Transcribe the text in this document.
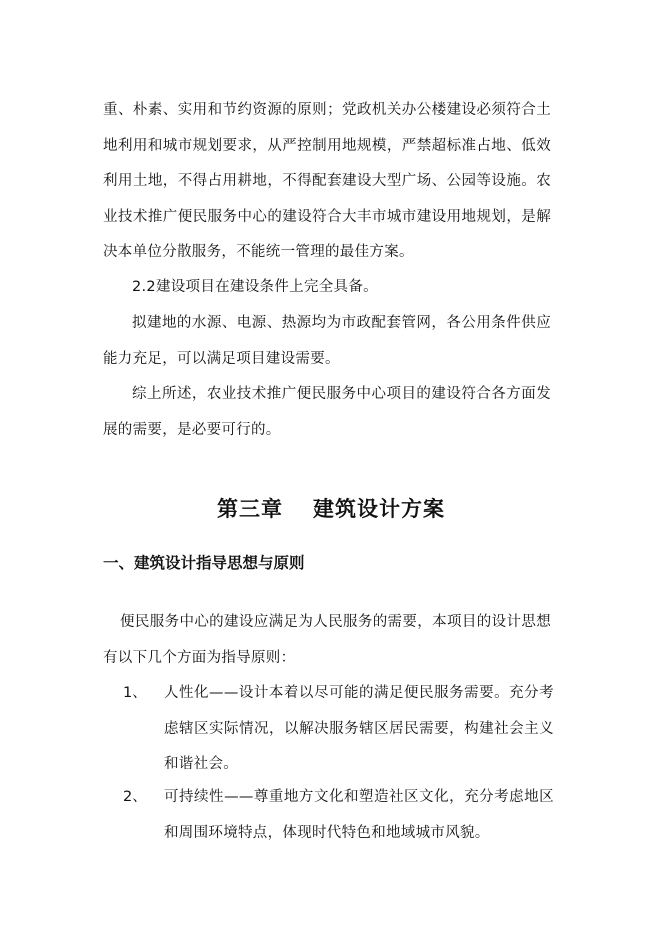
重、朴素、实用和节约资源的原则；党政机关办公楼建设必须符合土地利用和城市规划要求，从严控制用地规模，严禁超标准占地、低效利用土地，不得占用耕地，不得配套建设大型广场、公园等设施。农业技术推广便民服务中心的建设符合大丰市城市建设用地规划，是解决本单位分散服务，不能统一管理的最佳方案。

2.2建设项目在建设条件上完全具备。

拟建地的水源、电源、热源均为市政配套管网，各公用条件供应能力充足，可以满足项目建设需要。

综上所述，农业技术推广便民服务中心项目的建设符合各方面发展的需要，是必要可行的。

第三章 建筑设计方案
一、建筑设计指导思想与原则

便民服务中心的建设应满足为人民服务的需要，本项目的设计思想有以下几个方面为指导原则：

1、 人性化——设计本着以尽可能的满足便民服务需要。充分考虑辖区实际情况，以解决服务辖区居民需要，构建社会主义和谐社会。
2、 可持续性——尊重地方文化和塑造社区文化，充分考虑地区和周围环境特点，体现时代特色和地域城市风貌。
